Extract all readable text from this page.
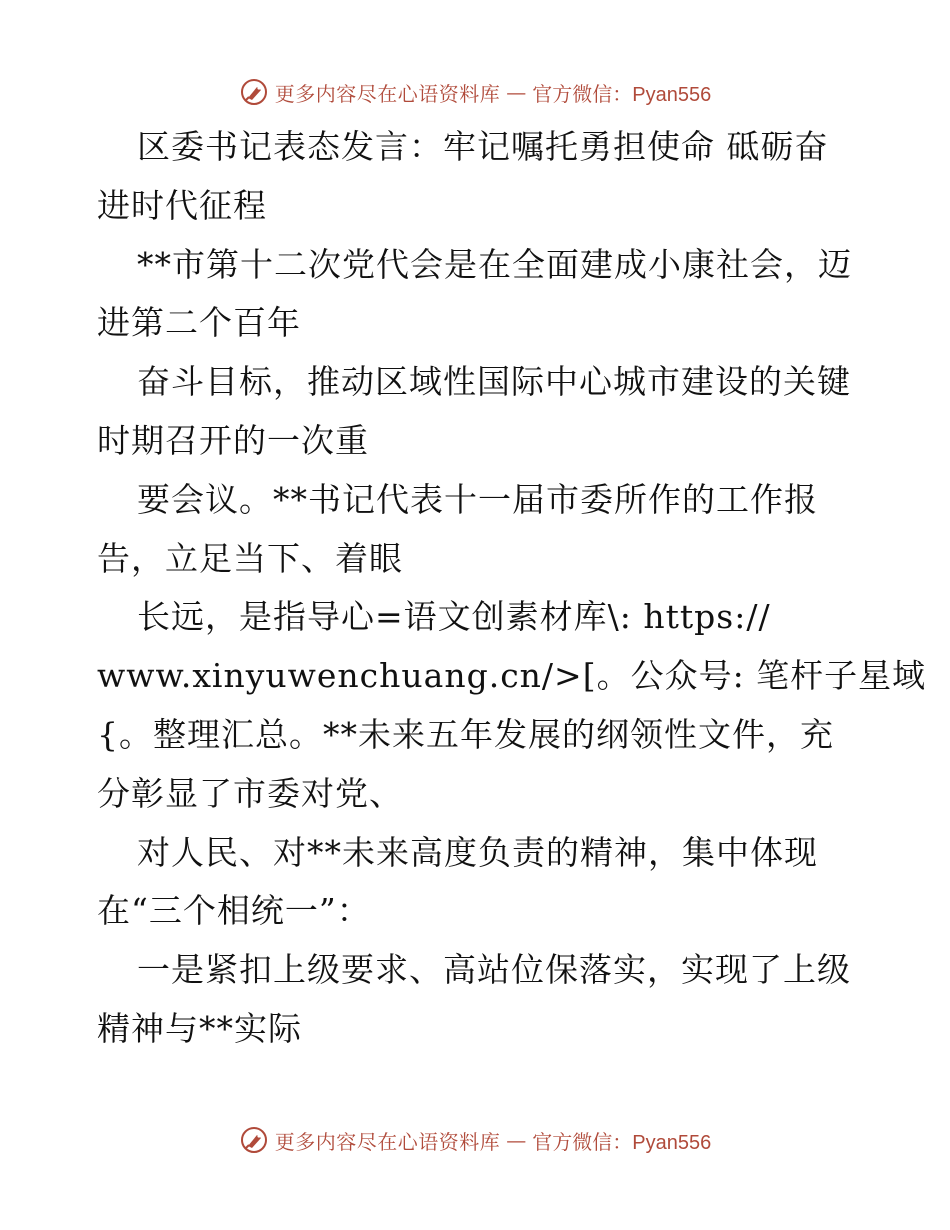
更多内容尽在心语资料库 — 官方微信：Pyan556
区委书记表态发言：牢记嘱托勇担使命 砥砺奋
进时代征程
**市第十二次党代会是在全面建成小康社会，迈
进第二个百年
奋斗目标，推动区域性国际中心城市建设的关键
时期召开的一次重
要会议。**书记代表十一届市委所作的工作报
告，立足当下、着眼
长远，是指导心=语文创素材库\: https://
www.xinyuwenchuang.cn/>[。公众号: 笔杆子星域
{。整理汇总。**未来五年发展的纲领性文件，充
分彰显了市委对党、
对人民、对**未来高度负责的精神，集中体现
在“三个相统一”：
一是紧扣上级要求、高站位保落实，实现了上级
精神与**实际
更多内容尽在心语资料库 — 官方微信：Pyan556
